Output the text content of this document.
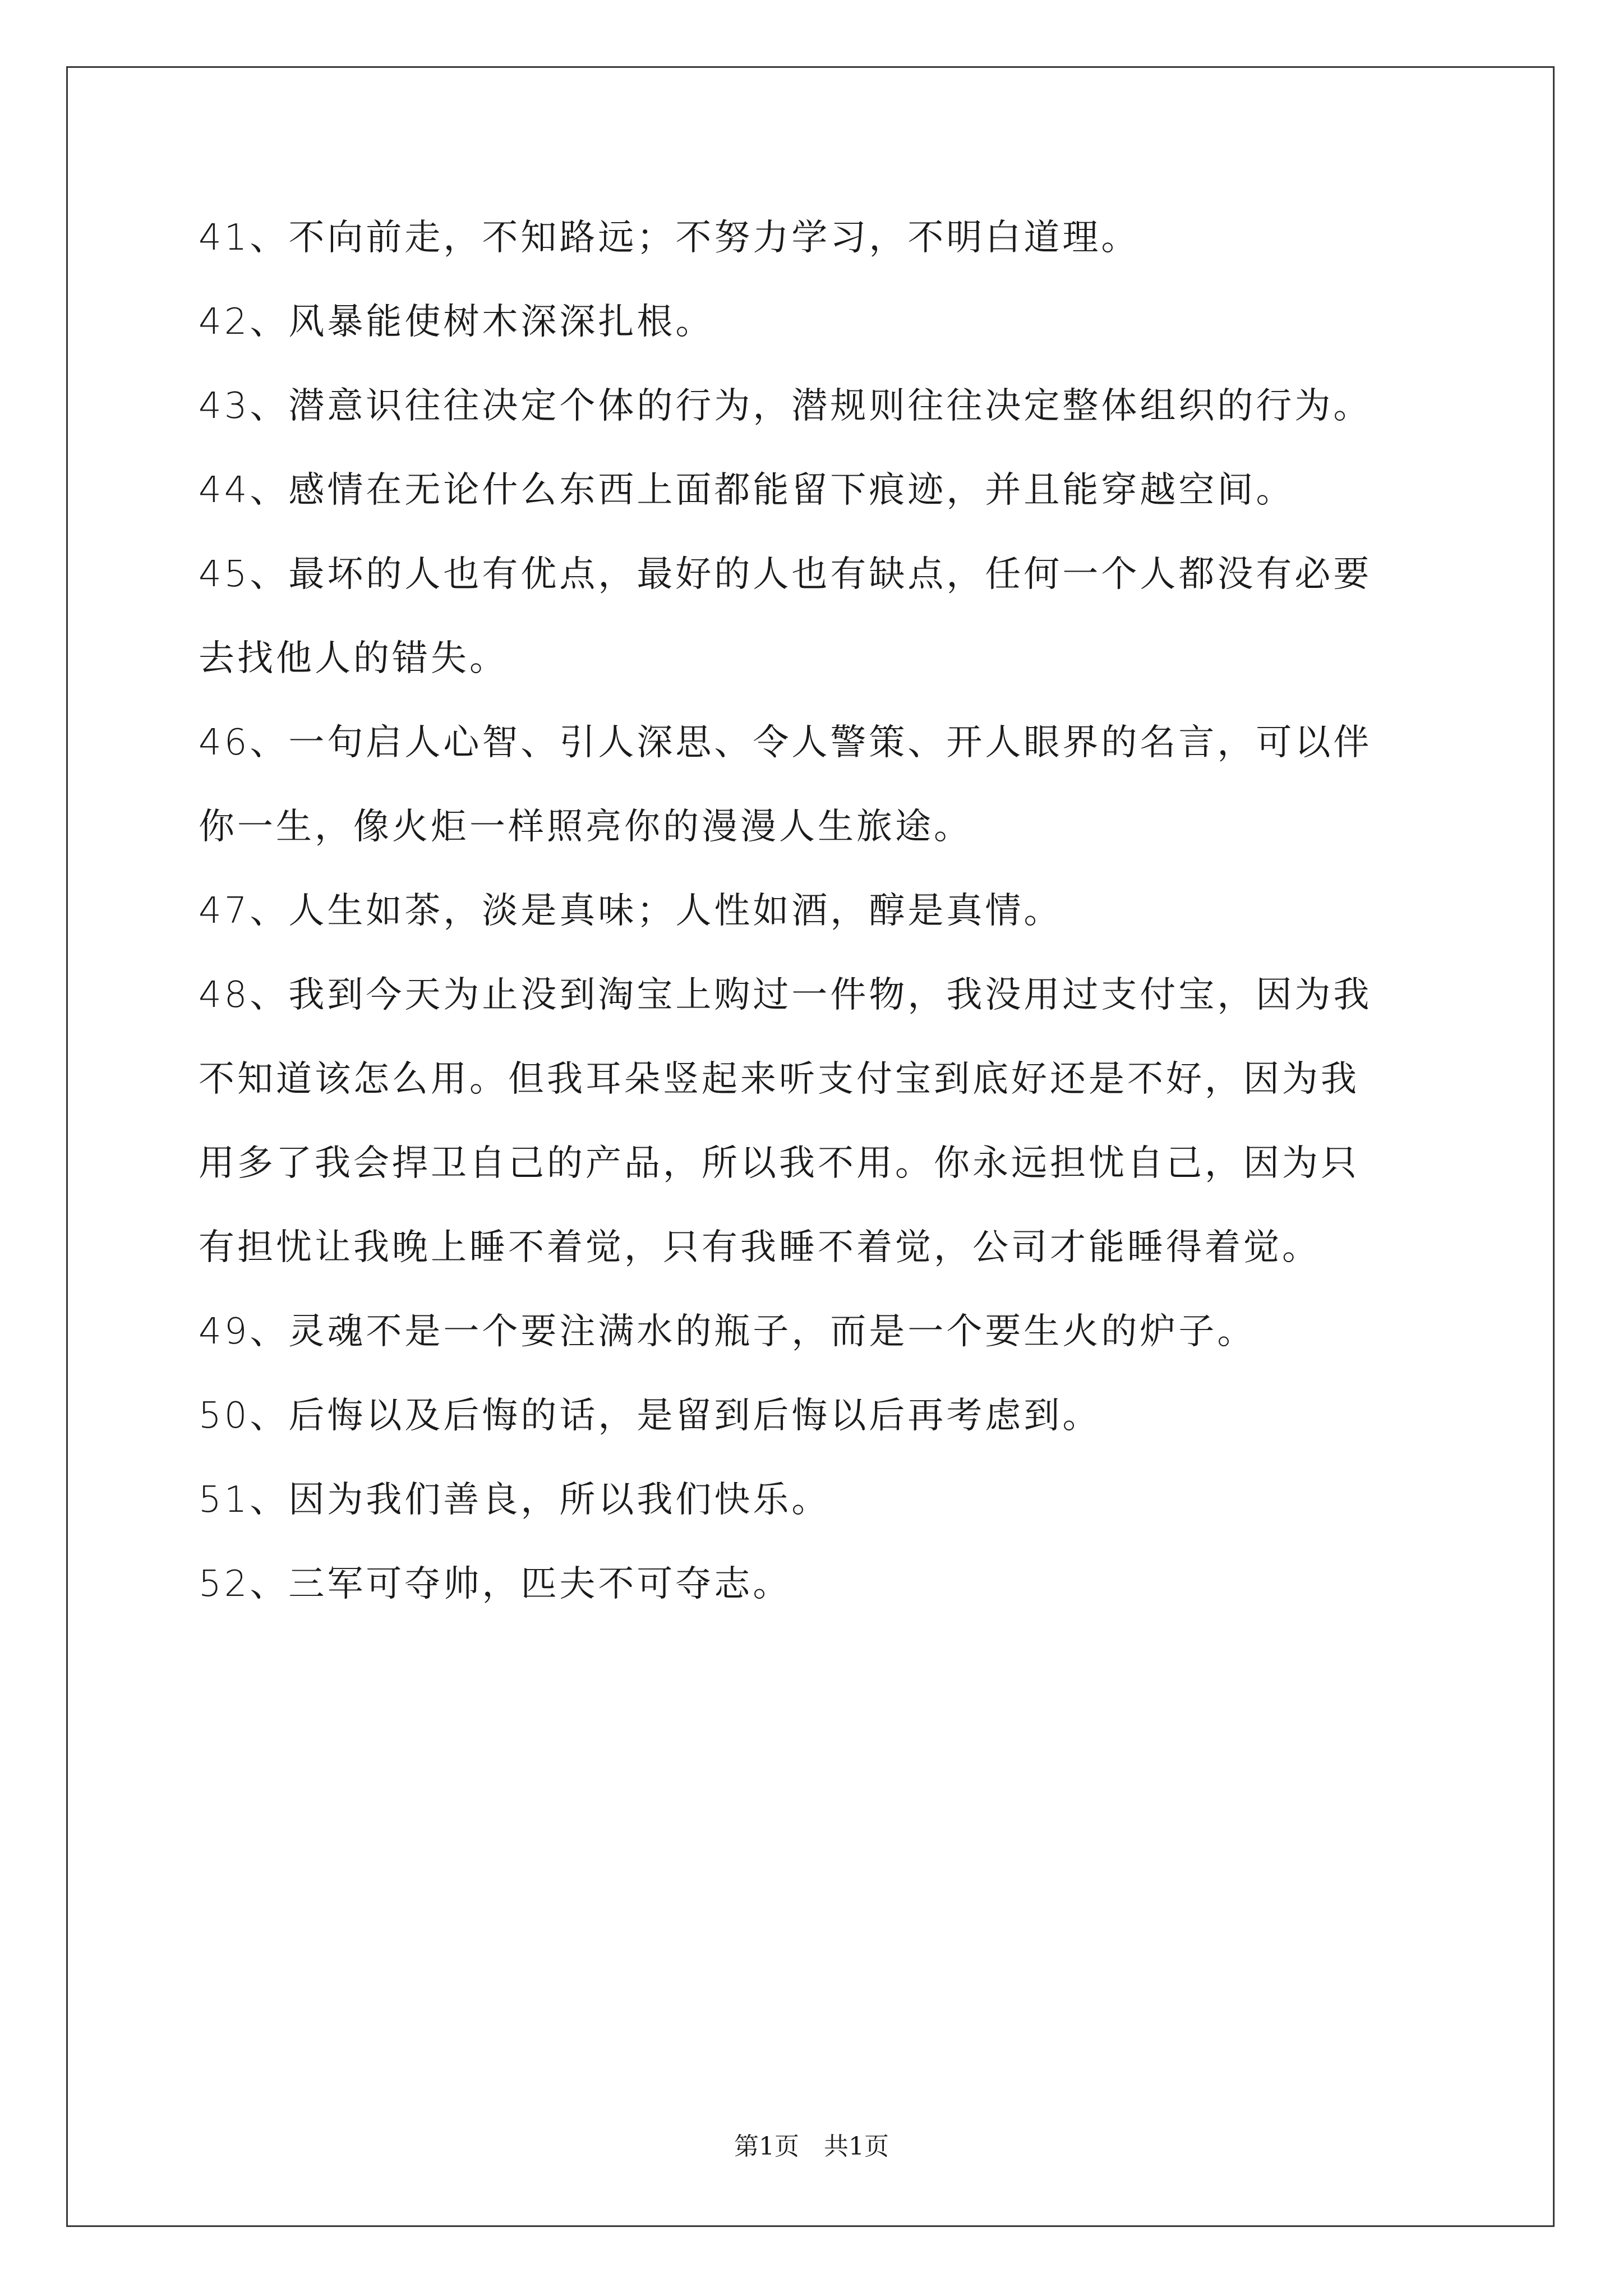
41、不向前走，不知路远；不努力学习，不明白道理。
42、风暴能使树木深深扎根。
43、潜意识往往决定个体的行为，潜规则往往决定整体组织的行为。
44、感情在无论什么东西上面都能留下痕迹，并且能穿越空间。
45、最坏的人也有优点，最好的人也有缺点，任何一个人都没有必要
去找他人的错失。
46、一句启人心智、引人深思、令人警策、开人眼界的名言，可以伴
你一生，像火炬一样照亮你的漫漫人生旅途。
47、人生如茶，淡是真味；人性如酒，醇是真情。
48、我到今天为止没到淘宝上购过一件物，我没用过支付宝，因为我
不知道该怎么用。但我耳朵竖起来听支付宝到底好还是不好，因为我
用多了我会捍卫自己的产品，所以我不用。你永远担忧自己，因为只
有担忧让我晚上睡不着觉，只有我睡不着觉，公司才能睡得着觉。
49、灵魂不是一个要注满水的瓶子，而是一个要生火的炉子。
50、后悔以及后悔的话，是留到后悔以后再考虑到。
51、因为我们善良，所以我们快乐。
52、三军可夺帅，匹夫不可夺志。
第1页　共1页
